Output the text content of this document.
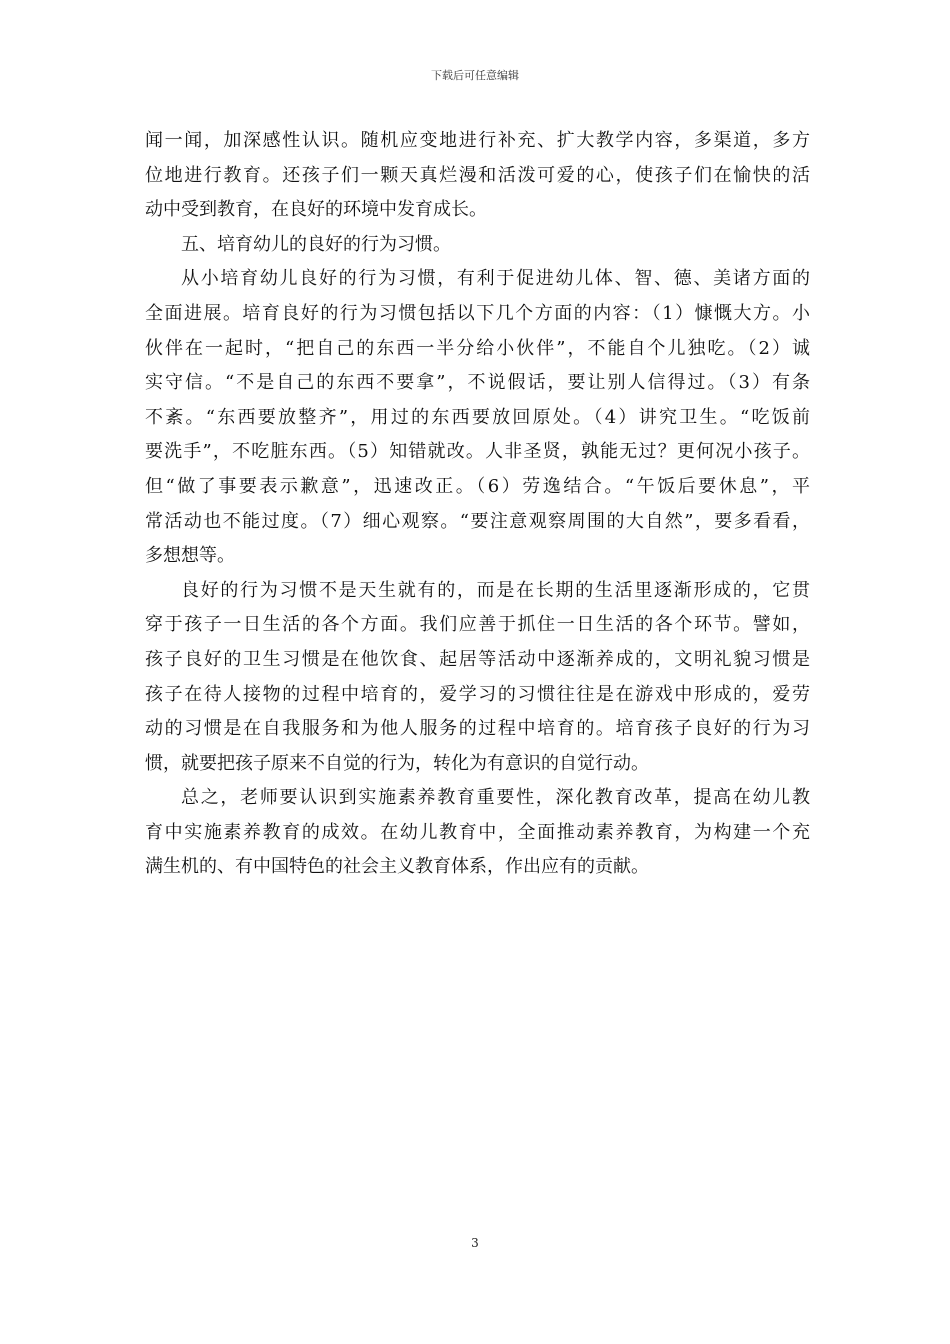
下载后可任意编辑
闻一闻，加深感性认识。随机应变地进行补充、扩大教学内容，多渠道，多方
位地进行教育。还孩子们一颗天真烂漫和活泼可爱的心，使孩子们在愉快的活
动中受到教育，在良好的环境中发育成长。
五、培育幼儿的良好的行为习惯。
从小培育幼儿良好的行为习惯，有利于促进幼儿体、智、德、美诸方面的
全面进展。培育良好的行为习惯包括以下几个方面的内容：（1）慷慨大方。小
伙伴在一起时，“把自己的东西一半分给小伙伴”，不能自个儿独吃。（2）诚
实守信。“不是自己的东西不要拿”，不说假话，要让别人信得过。（3）有条
不紊。“东西要放整齐”，用过的东西要放回原处。（4）讲究卫生。“吃饭前
要洗手”，不吃脏东西。（5）知错就改。人非圣贤，孰能无过？更何况小孩子。
但“做了事要表示歉意”，迅速改正。（6）劳逸结合。“午饭后要休息”，平
常活动也不能过度。（7）细心观察。“要注意观察周围的大自然”，要多看看，
多想想等。
良好的行为习惯不是天生就有的，而是在长期的生活里逐渐形成的，它贯
穿于孩子一日生活的各个方面。我们应善于抓住一日生活的各个环节。譬如，
孩子良好的卫生习惯是在他饮食、起居等活动中逐渐养成的，文明礼貌习惯是
孩子在待人接物的过程中培育的，爱学习的习惯往往是在游戏中形成的，爱劳
动的习惯是在自我服务和为他人服务的过程中培育的。培育孩子良好的行为习
惯，就要把孩子原来不自觉的行为，转化为有意识的自觉行动。
总之，老师要认识到实施素养教育重要性，深化教育改革，提高在幼儿教
育中实施素养教育的成效。在幼儿教育中，全面推动素养教育，为构建一个充
满生机的、有中国特色的社会主义教育体系，作出应有的贡献。
3
